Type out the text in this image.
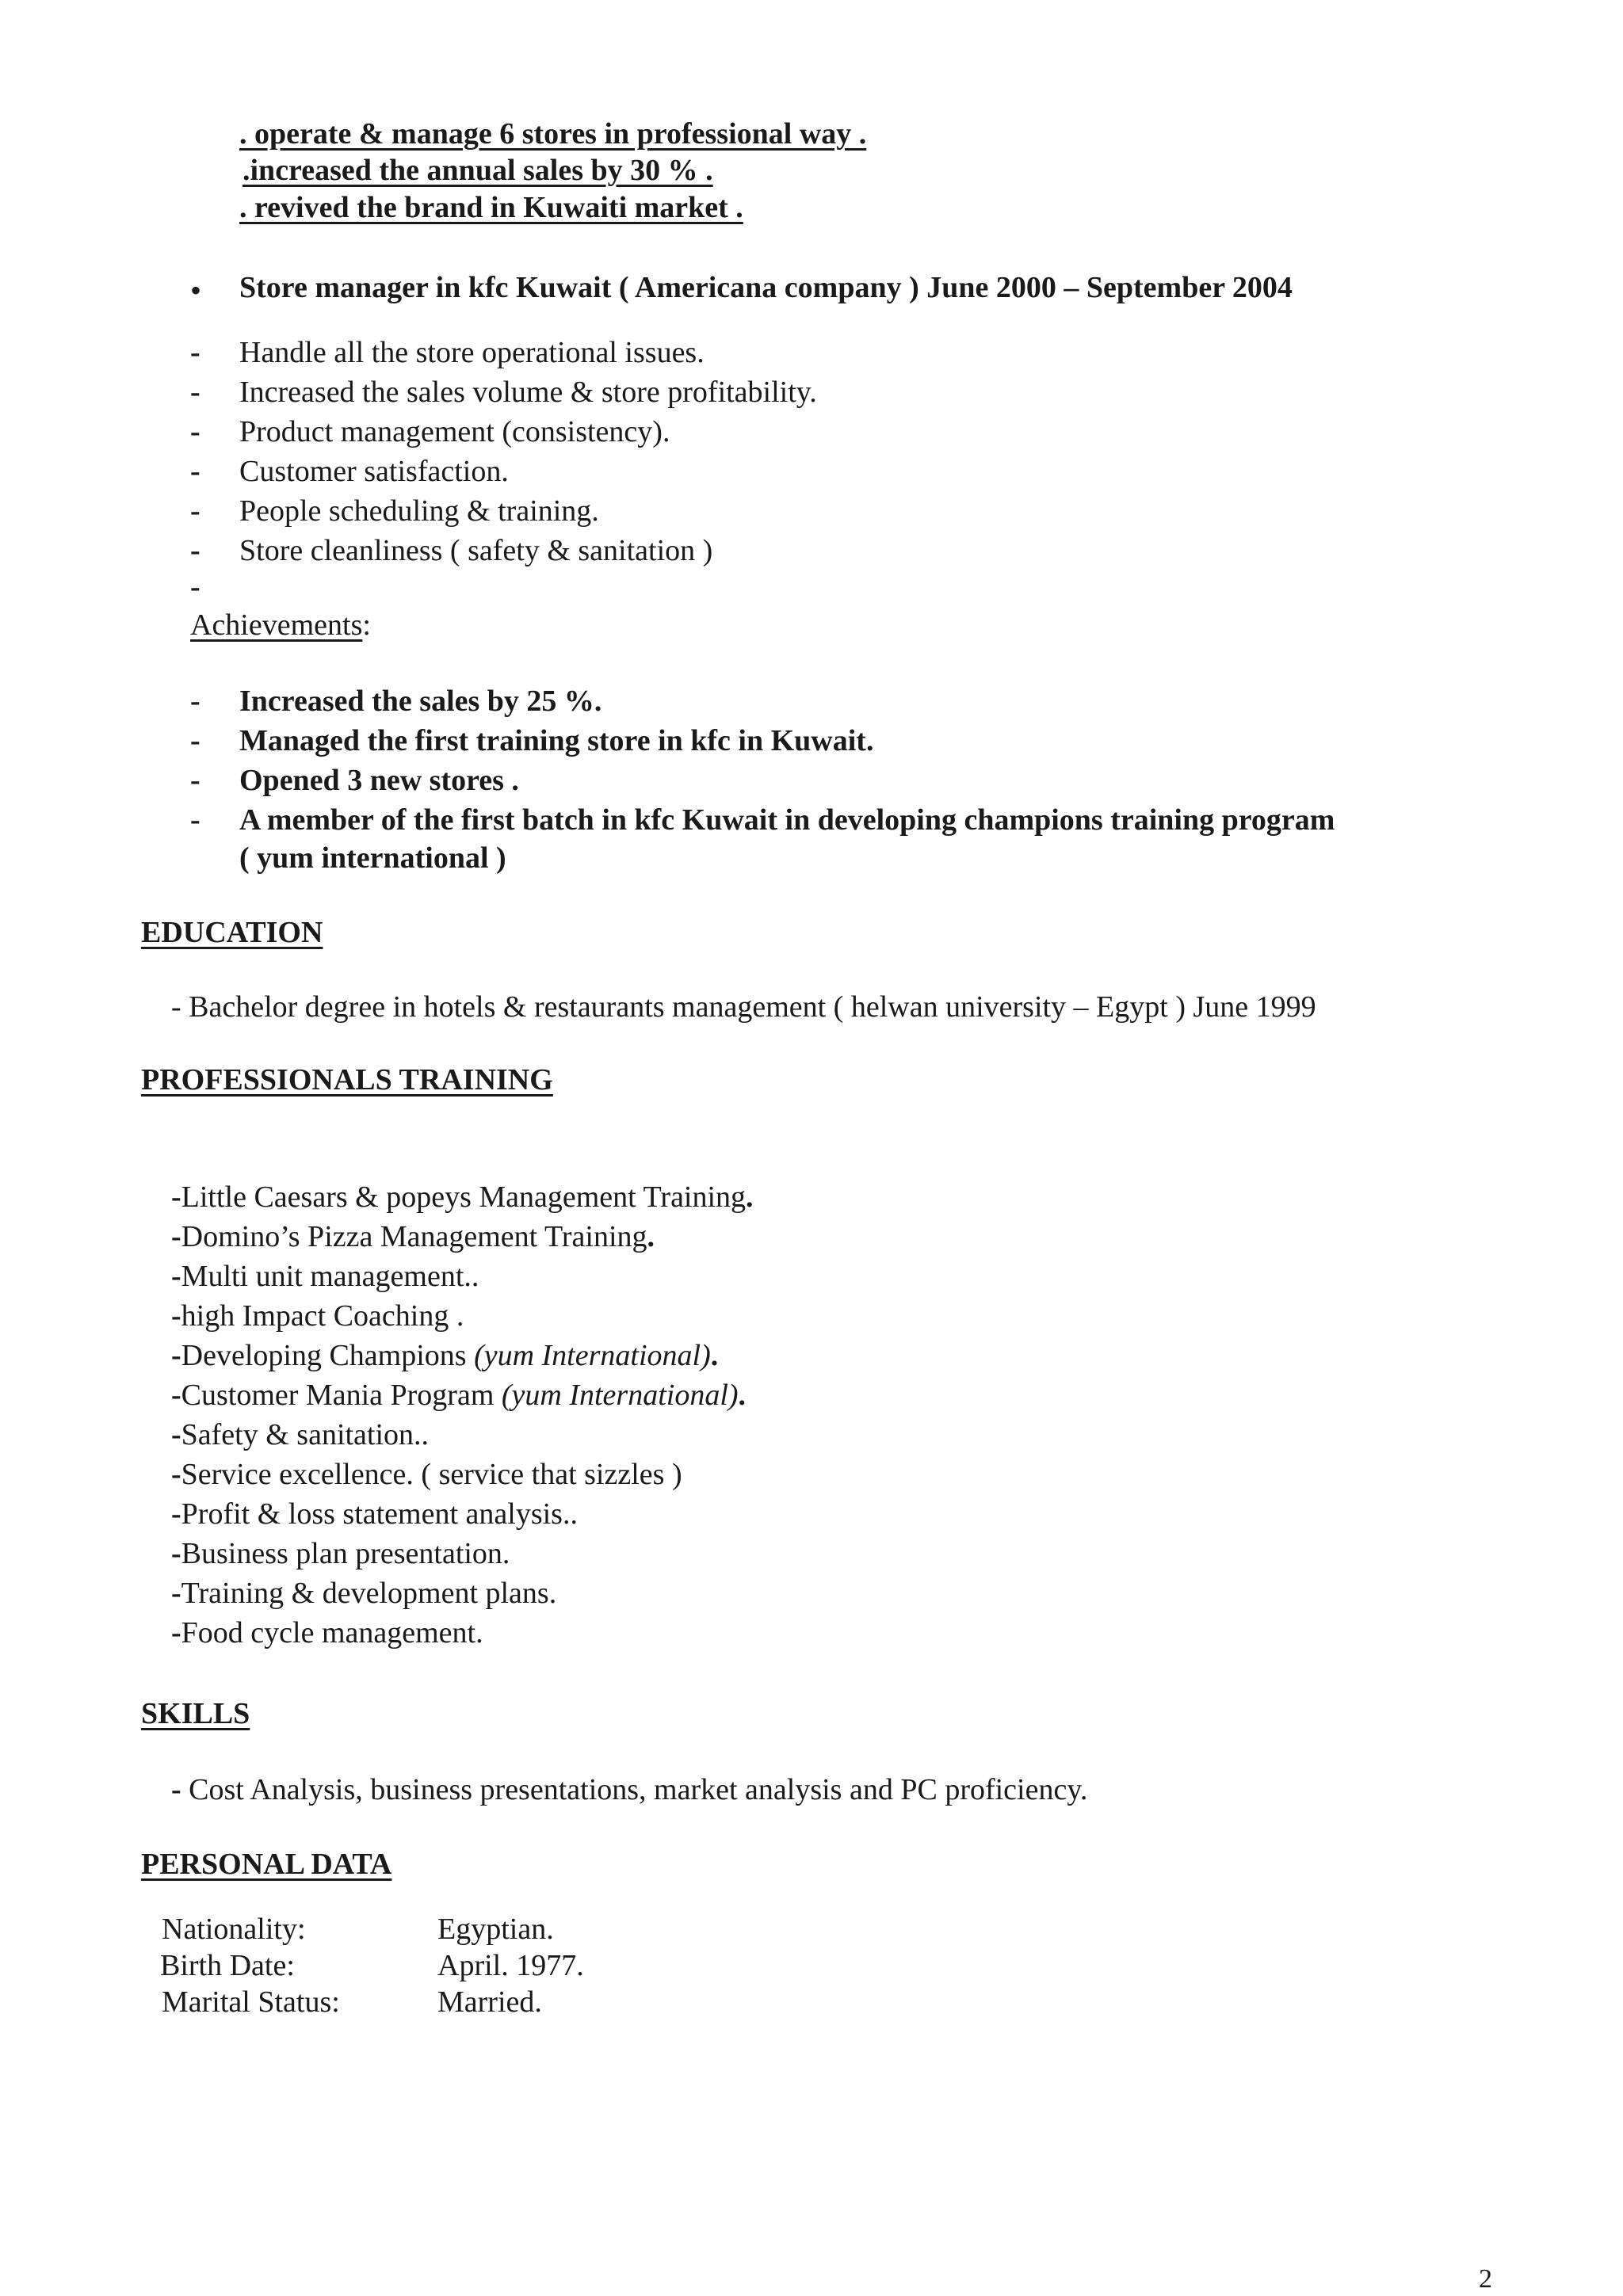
. operate & manage 6 stores in professional way .
.increased the annual sales by 30 % .
. revived the brand in Kuwaiti market .
• Store manager in kfc Kuwait ( Americana company ) June 2000 – September 2004
- Handle all the store operational issues.
- Increased the sales volume & store profitability.
- Product management (consistency).
- Customer satisfaction.
- People scheduling & training.
- Store cleanliness ( safety & sanitation )
-
Achievements:
- Increased the sales by 25 %.
- Managed the first training store in kfc in Kuwait.
- Opened 3 new stores .
- A member of the first batch in kfc Kuwait in developing champions training program
( yum international )
EDUCATION
- Bachelor degree in hotels & restaurants management ( helwan university – Egypt ) June 1999
PROFESSIONALS TRAINING
-Little Caesars & popeys Management Training.
-Domino’s Pizza Management Training.
-Multi unit management..
-high Impact Coaching .
-Developing Champions (yum International).
-Customer Mania Program (yum International).
-Safety & sanitation..
-Service excellence. ( service that sizzles )
-Profit & loss statement analysis..
-Business plan presentation.
-Training & development plans.
-Food cycle management.
SKILLS
- Cost Analysis, business presentations, market analysis and PC proficiency.
PERSONAL DATA
Nationality:	Egyptian.
Birth Date:	April. 1977.
Marital Status:	Married.
2
